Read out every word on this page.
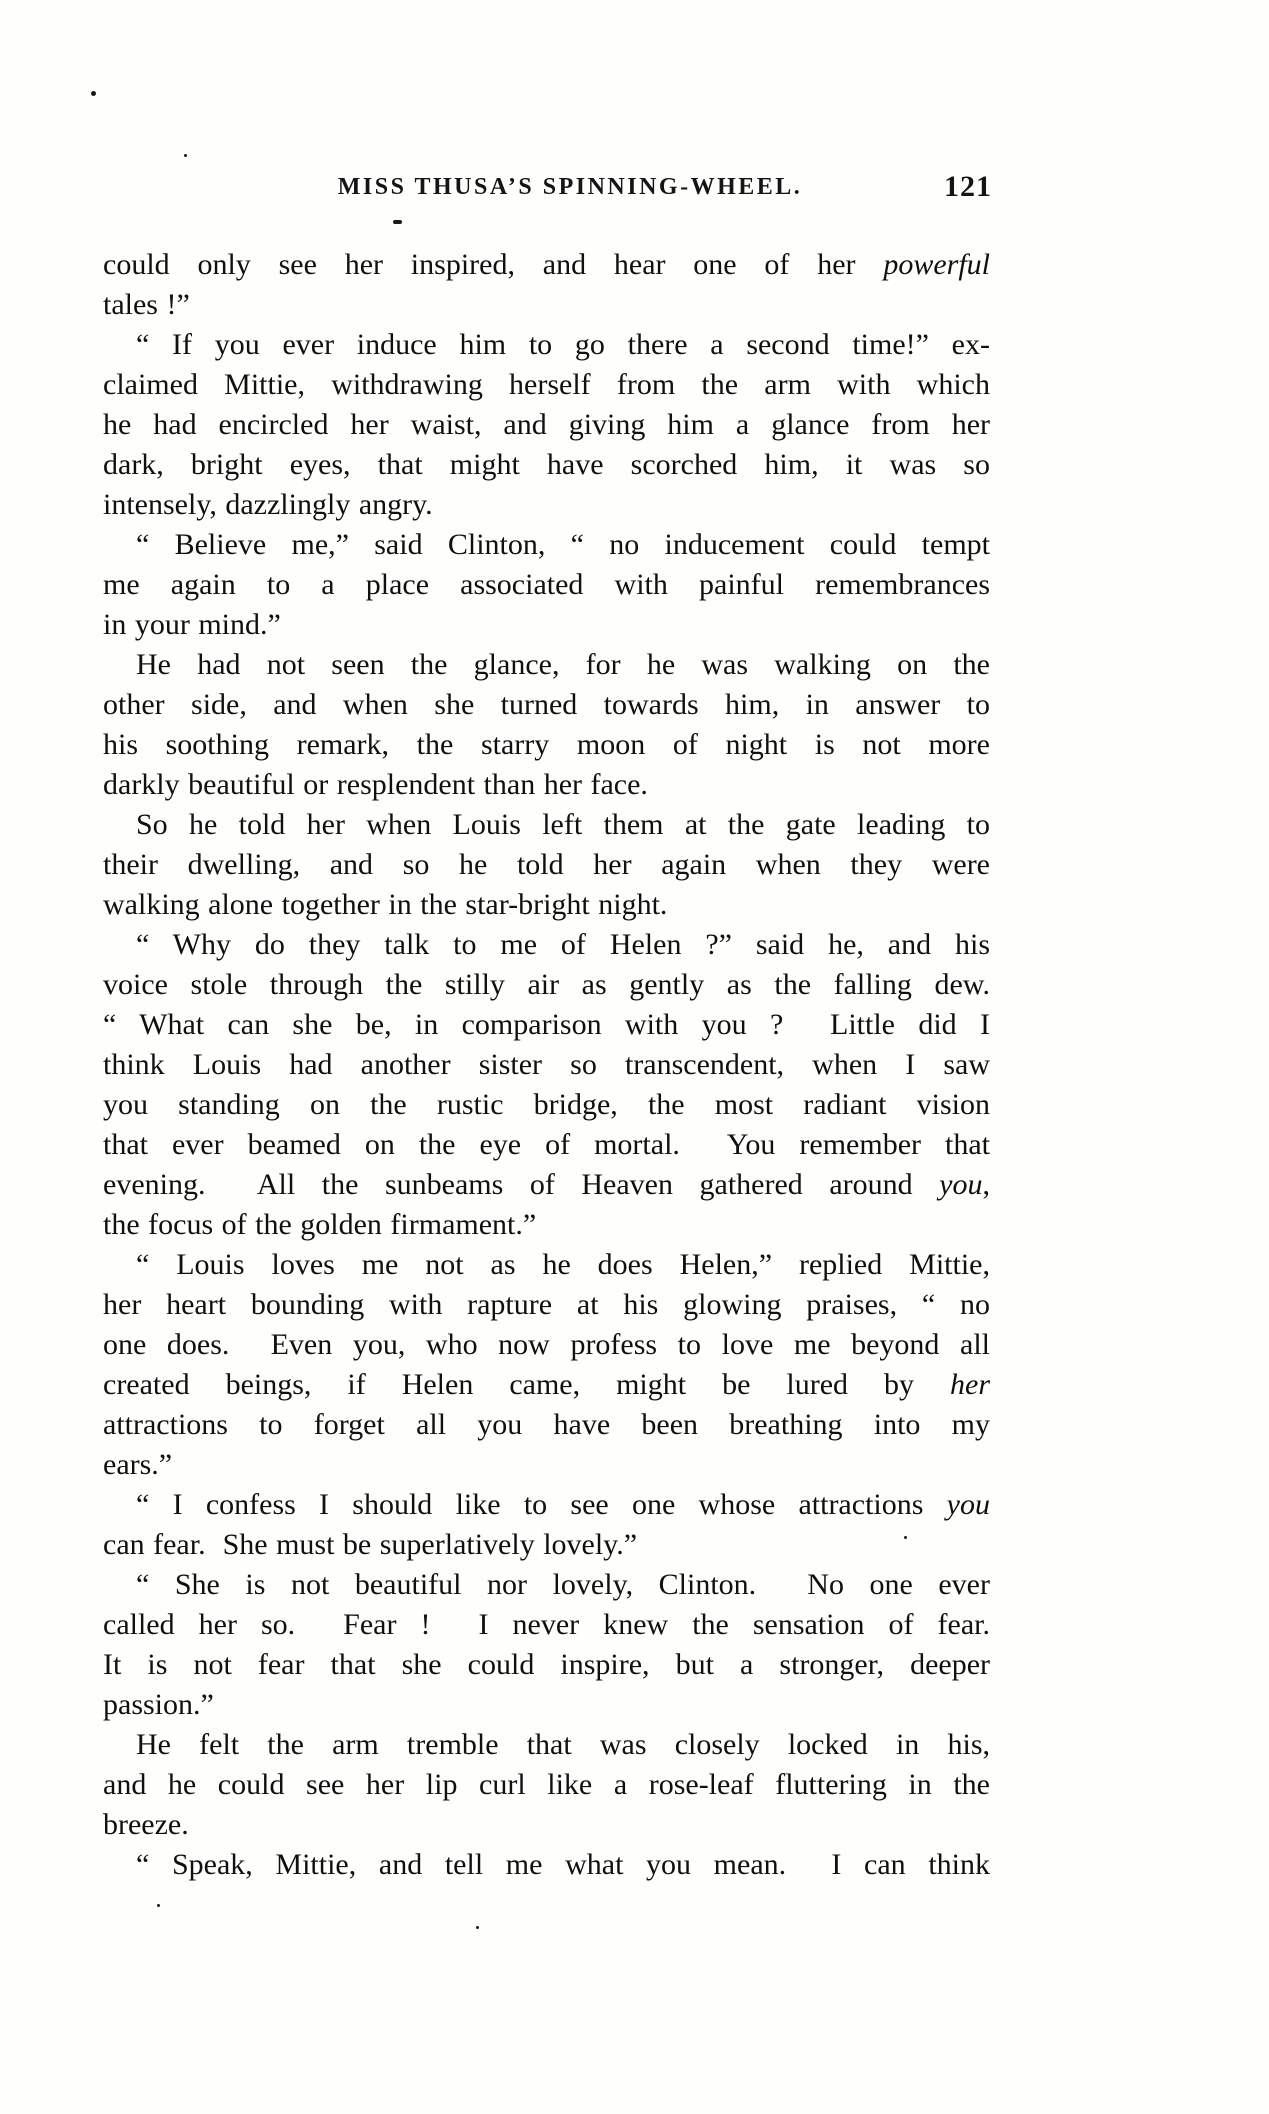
MISS THUSA’S SPINNING-WHEEL.	121
could only see her inspired, and hear one of her powerful
tales !”
“ If you ever induce him to go there a second time!” ex-
claimed Mittie, withdrawing herself from the arm with which
he had encircled her waist, and giving him a glance from her
dark, bright eyes, that might have scorched him, it was so
intensely, dazzlingly angry.
“ Believe me,” said Clinton, “ no inducement could tempt
me again to a place associated with painful remembrances
in your mind.”
He had not seen the glance, for he was walking on the
other side, and when she turned towards him, in answer to
his soothing remark, the starry moon of night is not more
darkly beautiful or resplendent than her face.
So he told her when Louis left them at the gate leading to
their dwelling, and so he told her again when they were
walking alone together in the star-bright night.
“ Why do they talk to me of Helen ?” said he, and his
voice stole through the stilly air as gently as the falling dew.
“ What can she be, in comparison with you ?  Little did I
think Louis had another sister so transcendent, when I saw
you standing on the rustic bridge, the most radiant vision
that ever beamed on the eye of mortal.  You remember that
evening.  All the sunbeams of Heaven gathered around you,
the focus of the golden firmament.”
“ Louis loves me not as he does Helen,” replied Mittie,
her heart bounding with rapture at his glowing praises, “ no
one does.  Even you, who now profess to love me beyond all
created beings, if Helen came, might be lured by her
attractions to forget all you have been breathing into my
ears.”
“ I confess I should like to see one whose attractions you
can fear.  She must be superlatively lovely.”
“ She is not beautiful nor lovely, Clinton.  No one ever
called her so.  Fear !  I never knew the sensation of fear.
It is not fear that she could inspire, but a stronger, deeper
passion.”
He felt the arm tremble that was closely locked in his,
and he could see her lip curl like a rose-leaf fluttering in the
breeze.
“ Speak, Mittie, and tell me what you mean.  I can think
